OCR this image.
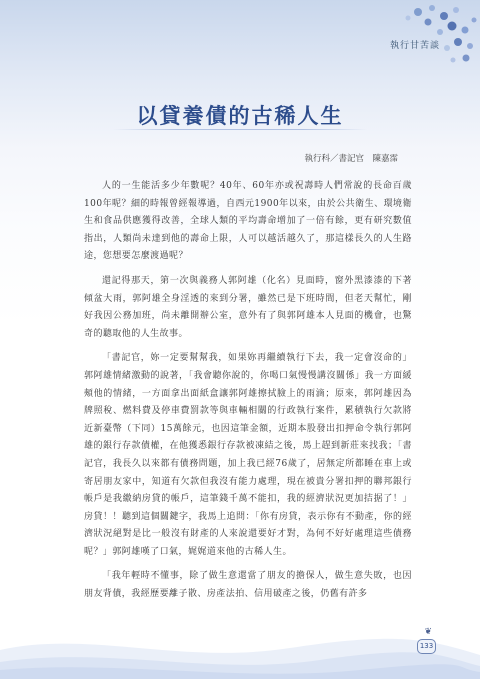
執行甘苦談
以貸養債的古稀人生
執行科／書記官　陳嘉霈

人的一生能活多少年數呢？40年、60年亦或祝壽時人們常說的長命百歲100年呢？細的時報曾經報導過，自西元1900年以來，由於公共衛生、環境衛生和食品供應獲得改善，全球人類的平均壽命增加了一倍有餘，更有研究數值指出，人類尚未達到他的壽命上限，人可以越活越久了，那這樣長久的人生路途，您想要怎麼渡過呢？

還記得那天，第一次與義務人郭阿雄（化名）見面時，窗外黑漆漆的下著傾盆大雨，郭阿雄全身淫透的來到分署，雖然已是下班時間，但老天幫忙，剛好我因公務加班，尚未離開辦公室，意外有了與郭阿雄本人見面的機會，也驚奇的聽取他的人生故事。

「書記官，妳一定要幫幫我，如果妳再繼續執行下去，我一定會沒命的」郭阿雄情緒激動的說著，「我會聽你說的，你喝口氣慢慢講沒關係」我一方面緩頰他的情緒，一方面拿出面紙盒讓郭阿雄擦拭臉上的雨滴；原來，郭阿雄因為牌照稅、燃料費及停車費罰款等與車輛相關的行政執行案件，累積執行欠款將近新臺幣（下同）15萬餘元，也因這筆金額，近期本股發出扣押命令執行郭阿雄的銀行存款債權，在他獲悉銀行存款被凍結之後，馬上趕到新莊來找我；「書記官，我長久以來都有債務問題，加上我已經76歲了，居無定所都睡在車上或寄居朋友家中，知道有欠款但我沒有能力處理，現在被貴分署扣押的聯邦銀行帳戶是我繳納房貸的帳戶，這筆錢千萬不能扣，我的經濟狀況更加拮据了！」房貸！！聽到這個關鍵字，我馬上追問：「你有房貸，表示你有不動產，你的經濟狀況絕對是比一般沒有財產的人來說還要好才對，為何不好好處理這些債務呢？」郭阿雄嘆了口氣，娓娓道來他的古稀人生。

「我年輕時不懂事，除了做生意還當了朋友的擔保人，做生意失敗，也因朋友背債，我經歷要離子散、房產法拍、信用破產之後，仍舊有許多

❦
133
